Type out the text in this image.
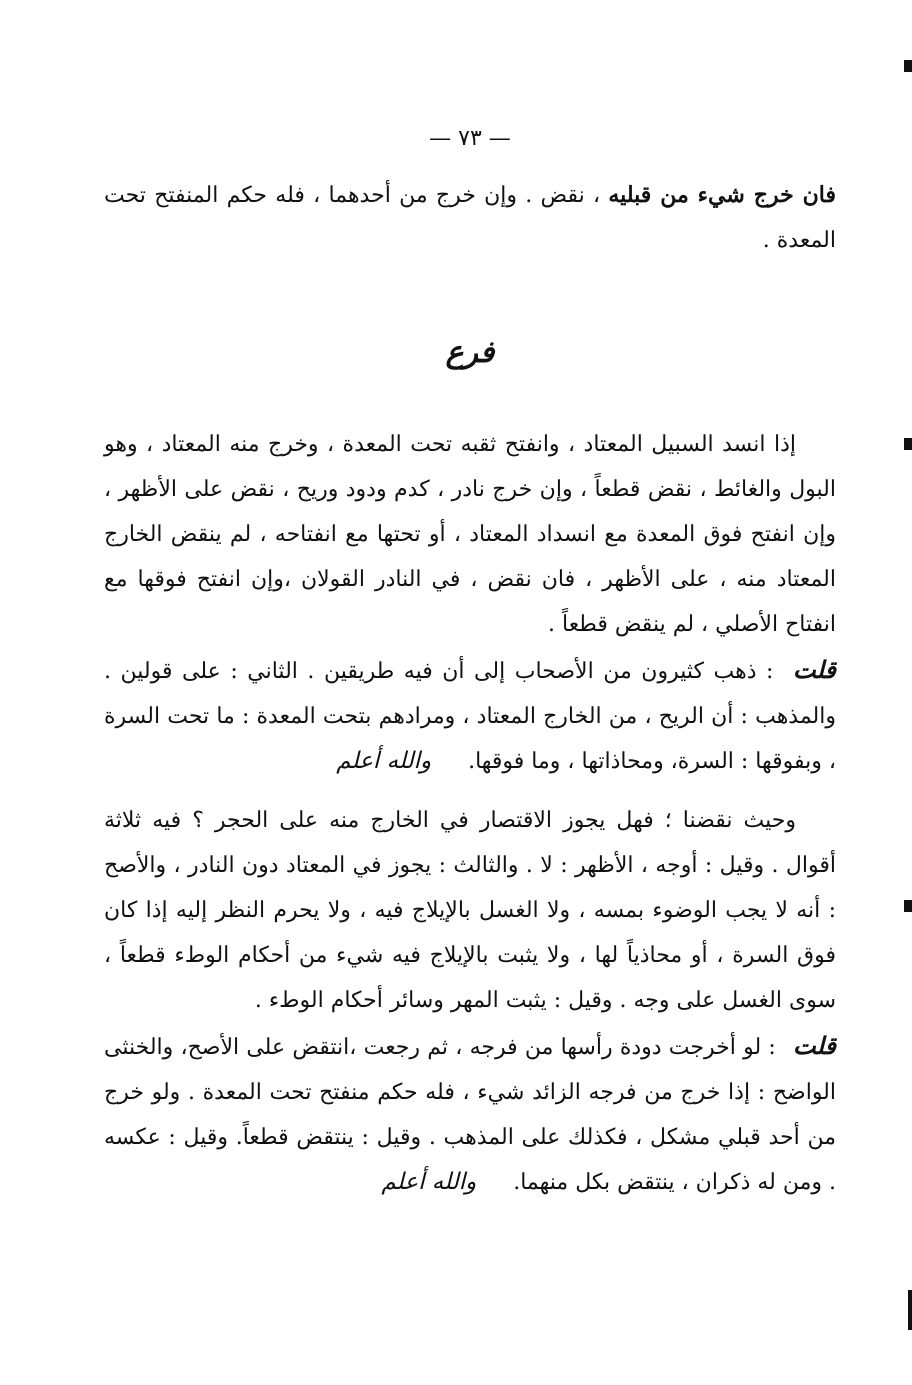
— ٧٣ —

فان خرج شيء من قبليه ، نقض . وإن خرج من أحدهما ، فله حكم المنفتح تحت المعدة .

فرع

إذا انسد السبيل المعتاد ، وانفتح ثقبه تحت المعدة ، وخرج منه المعتاد ، وهو البول والغائط ، نقض قطعاً ، وإن خرج نادر ، كدم ودود وريح ، نقض على الأظهر ، وإن انفتح فوق المعدة مع انسداد المعتاد ، أو تحتها مع انفتاحه ، لم ينقض الخارج المعتاد منه ، على الأظهر ، فان نقض ، في النادر القولان ،وإن انفتح فوقها مع انفتاح الأصلي ، لم ينقض قطعاً .

قلت : ذهب كثيرون من الأصحاب إلى أن فيه طريقين . الثاني : على قولين . والمذهب : أن الريح ، من الخارج المعتاد ، ومرادهم بتحت المعدة : ما تحت السرة ، وبفوقها : السرة، ومحاذاتها ، وما فوقها. والله أعلم

وحيث نقضنا ؛ فهل يجوز الاقتصار في الخارج منه على الحجر ؟ فيه ثلاثة أقوال . وقيل : أوجه ، الأظهر : لا . والثالث : يجوز في المعتاد دون النادر ، والأصح : أنه لا يجب الوضوء بمسه ، ولا الغسل بالإيلاج فيه ، ولا يحرم النظر إليه إذا كان فوق السرة ، أو محاذياً لها ، ولا يثبت بالإيلاج فيه شيء من أحكام الوطء قطعاً ، سوى الغسل على وجه . وقيل : يثبت المهر وسائر أحكام الوطء .

قلت : لو أخرجت دودة رأسها من فرجه ، ثم رجعت ،انتقض على الأصح، والخنثى الواضح : إذا خرج من فرجه الزائد شيء ، فله حكم منفتح تحت المعدة . ولو خرج من أحد قبلي مشكل ، فكذلك على المذهب . وقيل : ينتقض قطعاً. وقيل : عكسه . ومن له ذكران ، ينتقض بكل منهما. والله أعلم
